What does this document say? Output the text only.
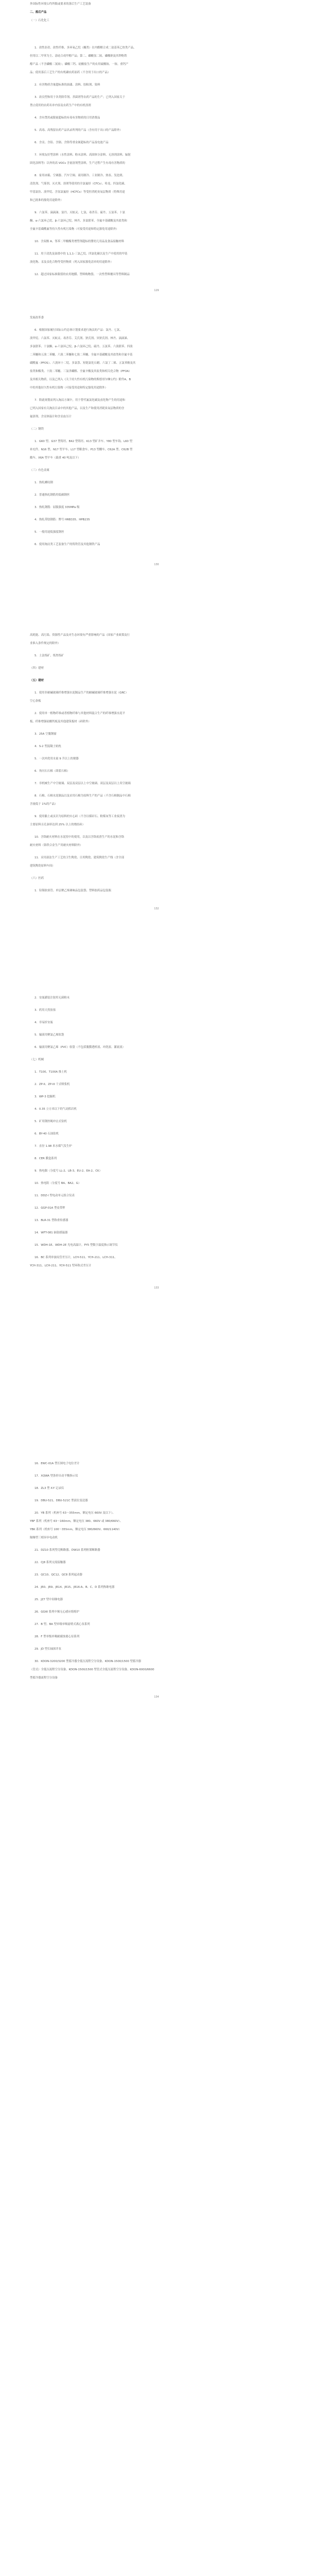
外国际性环境公约所限或要求的落后生产工艺装备
二、落后产品
（一）石化化工
1．改性沥青、改性纤维、多环氧乙烷（醚类）在内醇解合成二氨基苯乙炔类产品，
但用以二甲苯为主、涂硅合成甲醇产品；第二、磷酸氢二铵、磷酸钠及其钾粉铁
醇产品（不含磷酸二氢铵）；磷酸三钙、硅酸盐生产的农用硫酸铵、一铵、重钙产
品；使用落后工艺生产的有机磷农药原药（不含用于出口的产品）
2．有害物质含量超标准的油漆、涂料、胶粘剂、染料
3．改良型和用于各类除草剂、杀菌剂等农药产品的生产；已列入国家关于
禁止使用的农药名单内容及农药生产中的有机溶剂
4．含有禁用或限量超标的有毒有害物质的日用消费品
5．高毒、高残留农药产品名录所列的产品（含有用于出口的产品除外）
6．含汞、含铅、含镉、含铬等重金属超标的产品及电池产品
7．环境友好型涂料（水性涂料、粉末涂料、高固体分涂料、无溶剂涂料、辐射
固化涂料等）以外的高 VOCs 含量溶剂型涂料，生产过程产生有毒有害物质的
8．家用冰箱、空调器、汽车空调、商用制冷、工业制冷、热泵、发泡剂、
清洗剂、气雾剂、灭火剂、溶剂等使用的全氯氟烃（CFCs）、哈龙、四氯化碳、
甲基氯仿、溴甲烷、含氢氯氟烃（HCFCs）等受控消耗臭氧层物质（特殊用途
和已批准的豁免用途除外）
9．六氯苯、滴滴涕、氯丹、灭蚁灵、七氯、毒杀芬、硫丹、五氯苯、十氯
酮、α-六氯环己烷、β-六氯环己烷、林丹、多氯联苯、全氟辛基磺酸及其盐类和
全氟辛基磺酰氟等持久性有机污染物（可接受用途和特定豁免用途除外）
10．含双酚 A、邻苯二甲酸酯类增塑剂超标的婴幼儿用品及食品接触材料
11．用于清洗及油墨中的 1,1,1-三氯乙烷、四氯化碳以及生产中使用的甲基
溴化物、汞及汞化合物等受控物质（列入国家豁免清单的用途除外）
12．超过国家标准限值的农用地膜、塑料购物袋、一次性塑料餐具等塑料制品
129
发展改革委
6．根据国家履行国际公约总体计划要求进行淘汰的产品：氯丹、七氯、
溴甲烷、六氯苯、灭蚁灵、毒杀芬、艾氏剂、狄氏剂、异狄氏剂、林丹、滴滴涕、
多氯联苯、十氯酮、α-六氯环己烷、β-六氯环己烷、硫丹、五氯苯、六溴联苯、四溴
二苯醚和五溴二苯醚、六溴二苯醚和七溴二苯醚、全氟辛基磺酸及其盐类和全氟辛基
磺酰氟（PFOS）、六溴环十二烷、多氯萘、短链氯化石蜡、六氯丁二烯、五氯苯酚及其
盐类和酯类、十溴二苯醚、三氯杀螨醇、全氟辛酸及其盐类和相关化合物（PFOA）
及其相关物质，以及已列入《关于持久性有机污染物的斯德哥尔摩公约》附件A、B
中的其他持久性有机污染物（可接受用途和特定豁免用途除外）
7．除此规划而列入淘汰方案中，用于替代氟氯化碳及卤化物产生的用途和
已列入国家有关淘汰目录中的其他产品，以及生产和使用消耗臭氧层物质的含
氟溶剂、含汞体温计和含汞血压计
（二）钢铁
1．G60 型、G37 型铸坯、B42 型铸坯、K13 型矿井车、Y80 型车钩、L60 型
补充件、N16 型、N17 型平车、L17 型粮食车、P13 型棚车、C62A 型、C62B 型
敞车、X6A 型平车（载重 40 吨及以下）
（三）有色金属
1．热轧螺纹钢
2．普通热轧钢筋用低碳钢丝
3．热轧钢筋：屈服强度 335MPa 级
4．热轧带肋钢筋：牌号 HRB335、HPB235
5．一般用途低强度钢丝
6．使用淘汰类工艺装备生产的铸铁管及其他钢铁产品
130
高耗能、高污染、资源性产品及对生态环境有严重影响的产品（国家产业政策及行
业准入条件规定的除外）
5．土法炼矿、炼焦炼矿
（四）建材
（五）建材
1．使用非耐碱玻璃纤维增强水泥制品生产的耐碱玻璃纤维增强水泥（GRC）
空心条板
2．使用单一植物纤维或者植物纤维与其他材料混合生产的纤维增强水泥平
板、纤维增强硅酸钙板及其他建筑板材（砖除外）
3．25A 空腹钢窗
4．S-2 型混凝土轨枕
5．一次冲洗用水量 9 升以上的便器
6．角闪石石棉（即蓝石棉）
7．非机械生产中空玻璃、双层及双层以上中空玻璃、双层及双层以上真空玻璃
8．石棉、石棉水泥制品以及采用石棉为原料生产的产品（不含石棉制品中石棉
含量低于 1%的产品）
9．使用黏土或页岩为原料的实心砖（不含以煤矸石、粉煤灰等工业废渣为
主要原料且孔洞率达到 25% 以上的烧结砖）
10．含铬耐火材料在水泥窑中的使用，以及以含铬废渣生产的水泥和含铬
耐火材料（铬铁合金生产用耐火材料除外）
11．采用湿法生产工艺的卫生陶瓷、日用陶瓷、建筑陶瓷生产线（含全部
建筑陶瓷原料车间）
（六）医药
1．铅锡软膏管、单层聚乙烯调味品包装袋、塑料胶药品包装瓶
132
2．安瓿灌装注射用无菌粉末
3．药用天然胶塞
4．非易折安瓿
5．输液用聚氯乙烯软袋
6．输液用聚氯乙烯（PVC）软袋（不包括腹膜透析液、冲洗液、灌流液）
（七）机械
1．T100、T100A 推土机
2．ZP-II、ZP-III 干式喷浆机
3．WP-3 挖掘机
4．0.35 立方米以下的气动抓岩机
5．矿用钢丝绳冲击式钻机
6．BY-40 石油钻机
7．直径 1.98 米水煤气发生炉
8．CER 膜盒系列
9．热电偶（分度号 LL-2、LB-3、EU-2、EA-2、CK）
10．热电阻（分度号 BA、BA2、G）
11．DDZ-I 型电动单元组合仪表
12．GGP-01A 型皮带秤
13．BLR-31 型称重传感器
14．WFT-081 辐射感温器
15．WDH-1E、WDH-2E 光电高温计，PY5 型数字温度指示调节仪
16．BC 系列单波纹管差压计，LCH-511、YCH-211、LCH-311、
YCH-311、LCH-211、YCH-511 型环称式差压计
133
16．EWC-01A 型长图电子电位差计
17．XQWA 型条形自动平衡指示仪
18．ZL3 型 X-Y 记录仪
19．DBU-521、DBU-521C 型液位变送器
20．YB 系列（机座号 63～355mm，额定电压 660V 及以下）、
YBF 系列（机座号 63～160mm，额定电压 380、660V 或 380/660V）、
YBK 系列（机座号 100～355mm，额定电压 380/660V、660/1140V）
隔爆型三相异步电动机
21．DZ10 系列塑壳断路器、DW10 系列框架断路器
22．CJ8 系列交流接触器
23．QC10、QC12、QC8 系列起动器
24．JR0、JR9、JR14、JR15、JR16-A、B、C、D 系列热继电器
25．JZ7 型中间继电器
26．GGW 系列中频无心感应熔炼炉
27．B 型、BA 型单级单吸悬臂式离心泵系列
28．F 型单级单吸耐腐蚀离心泵系列
29．JD 型长轴深井泵
30．KDON-3200/3200 型蓄冷器全低压流程空分设备、KDON-1500/1500 型蓄冷器
（管式）全低压流程空分设备、KDON-1500/1500 型管式全低压流程空分设备、KDON-6000/6600
型蓄冷器流程空分设备
134
